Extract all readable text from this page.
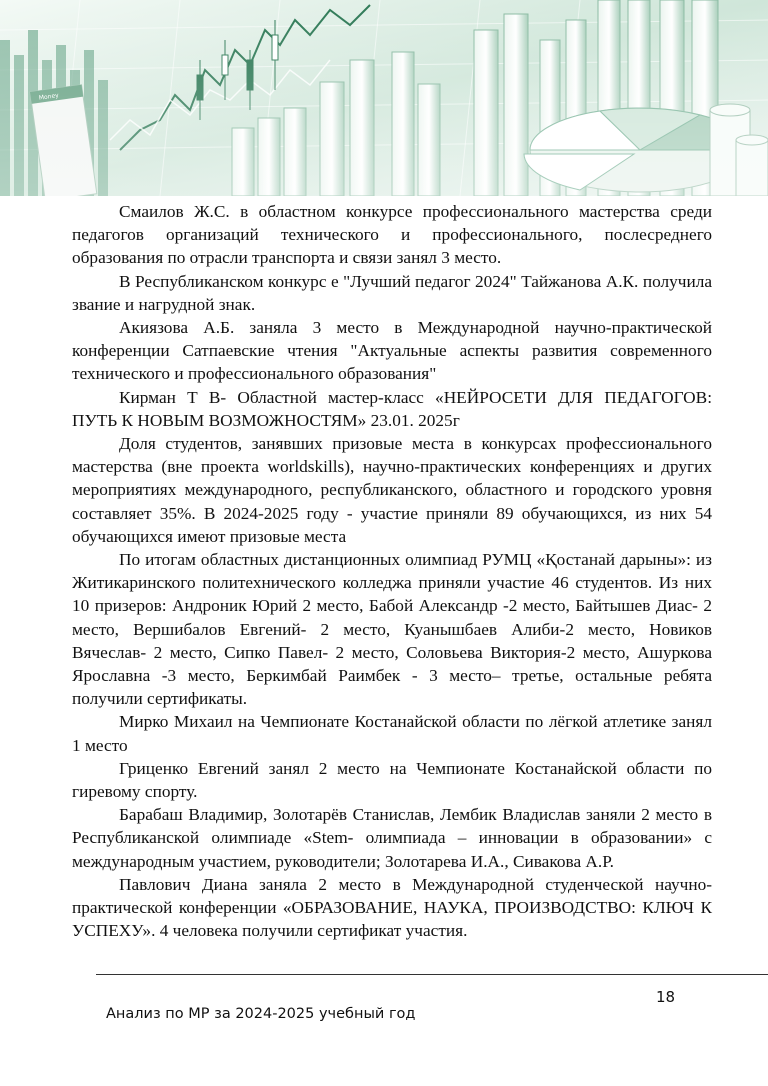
Смаилов Ж.С. в областном конкурсе профессионального мастерства среди педагогов организаций технического и профессионального, послесреднего образования по отрасли транспорта и связи занял 3 место.

В Республиканском конкурс е "Лучший педагог 2024" Тайжанова А.К. получила звание и нагрудной знак.

Акиязова А.Б. заняла 3 место в Международной научно-практической конференции Сатпаевские чтения "Актуальные аспекты развития современного технического и профессионального образования"

Кирман Т В- Областной мастер-класс «НЕЙРОСЕТИ ДЛЯ ПЕДАГОГОВ: ПУТЬ К НОВЫМ ВОЗМОЖНОСТЯМ» 23.01. 2025г

Доля студентов, занявших призовые места в конкурсах профессионального мастерства (вне проекта worldskills), научно-практических конференциях и других мероприятиях международного, республиканского, областного и городского уровня составляет 35%. В 2024-2025 году - участие приняли 89 обучающихся, из них 54 обучающихся имеют призовые места

По итогам областных дистанционных олимпиад РУМЦ «Қостанай дарыны»: из Житикаринского политехнического колледжа приняли участие 46 студентов. Из них 10 призеров: Андроник Юрий 2 место, Бабой Александр -2 место, Байтышев Диас- 2 место, Вершибалов Евгений- 2 место, Куанышбаев Алиби-2 место, Новиков Вячеслав- 2 место, Сипко Павел- 2 место, Соловьева Виктория-2 место, Ашуркова Ярославна -3 место, Беркимбай Раимбек - 3 место– третье, остальные ребята получили сертификаты.

Мирко Михаил на Чемпионате Костанайской области по лёгкой атлетике занял 1 место

Гриценко Евгений занял 2 место на Чемпионате Костанайской области по гиревому спорту.

Барабаш Владимир, Золотарёв Станислав, Лембик Владислав заняли 2 место в Республиканской олимпиаде «Stem- олимпиада – инновации в образовании» с международным участием, руководители; Золотарева И.А., Сивакова А.Р.

Павлович Диана заняла 2 место в Международной студенческой научно-практической конференции «ОБРАЗОВАНИЕ, НАУКА, ПРОИЗВОДСТВО: КЛЮЧ К УСПЕХУ». 4 человека получили сертификат участия.

18
Анализ по МР за 2024-2025 учебный год
